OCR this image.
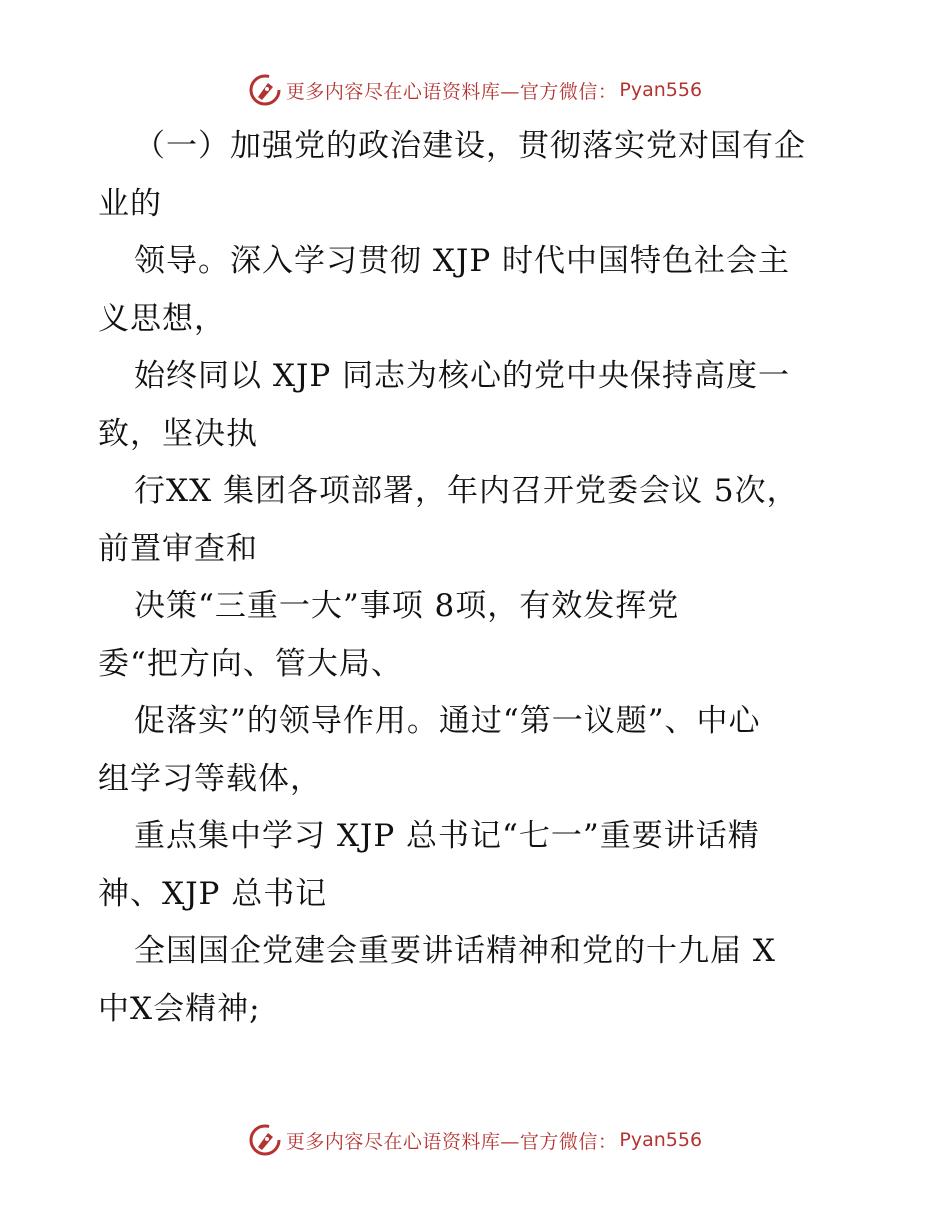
更多内容尽在心语资料库—官方微信： Pyan556
（一）加强党的政治建设，贯彻落实党对国有企
业的
领导。深入学习贯彻 XJP 时代中国特色社会主
义思想，
始终同以 XJP 同志为核心的党中央保持高度一
致，坚决执
行XX 集团各项部署，年内召开党委会议 5次，
前置审查和
决策“三重一大”事项 8项，有效发挥党
委“把方向、管大局、
促落实”的领导作用。通过“第一议题”、中心
组学习等载体，
重点集中学习 XJP 总书记“七一”重要讲话精
神、XJP 总书记
全国国企党建会重要讲话精神和党的十九届 X
中X会精神;
更多内容尽在心语资料库—官方微信： Pyan556
